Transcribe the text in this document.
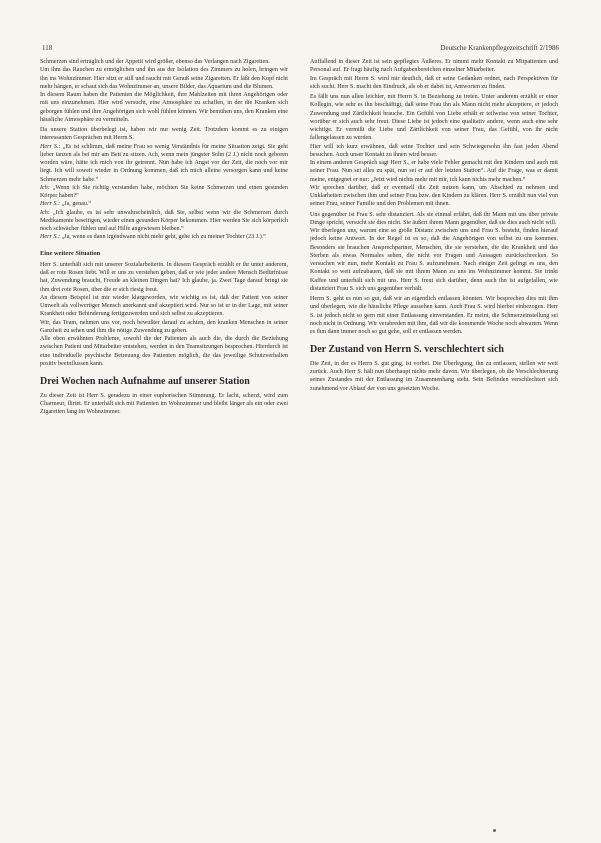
118	Deutsche Krankenpflegezeitschrift 2/1986

Schmerzen sind erträglich und der Appetit wird größer, ebenso das Verlangen nach Zigaretten.

Um ihm das Rauchen zu ermöglichen und ihn aus der Isolation des Zimmers zu holen, bringen wir ihn ins Wohnzimmer. Hier sitzt er still und raucht mit Genuß seine Zigaretten. Er läßt den Kopf nicht mehr hängen, er schaut sich das Wohnzimmer an, unsere Bilder, das Aquarium und die Blumen.

In diesem Raum haben die Patienten die Möglichkeit, ihre Mahlzeiten mit ihren Angehörigen oder mit uns einzunehmen. Hier wird versucht, eine Atmosphäre zu schaffen, in der die Kranken sich geborgen fühlen und ihre Angehörigen sich wohl fühlen können. Wir bemühen uns, den Kranken eine häusliche Atmosphäre zu vermitteln.

Da unsere Station überbelegt ist, haben wir nur wenig Zeit. Trotzdem kommt es zu einigen interessanten Gesprächen mit Herrn S.

Herr S.: „Es ist schlimm, daß meine Frau so wenig Verständnis für meine Situation zeigt. Sie geht lieber tanzen als bei mir am Bett zu sitzen. Ach, wenn mein jüngster Sohn (2 J.) nicht noch geboren worden wäre, hätte ich mich von ihr getrennt. Nun habe ich Angst vor der Zeit, die noch vor mir liegt. Ich will soweit wieder in Ordnung kommen, daß ich mich alleine versorgen kann und keine Schmerzen mehr habe.“

Ich: „Wenn ich Sie richtig verstanden habe, möchten Sie keine Schmerzen und einen gesunden Körper haben?“

Herr S.: „Ja, genau.“

Ich: „Ich glaube, es ist sehr unwahrscheinlich, daß Sie, selbst wenn wir die Schmerzen durch Medikamente beseitigen, wieder einen gesunden Körper bekommen. Hier werden Sie sich körperlich noch schwächer fühlen und auf Hilfe angewiesen bleiben.“

Herr S.: „Ja, wenn es dann irgendwann nicht mehr geht, gehe ich zu meiner Tochter (23 J.).“

Eine weitere Situation

Herr S. unterhält sich mit unserer Sozialarbeiterin. In diesem Gespräch erzählt er ihr unter anderem, daß er rote Rosen liebt. Will er uns zu verstehen geben, daß er wie jeder andere Mensch Bedürfnisse hat, Zuwendung braucht, Freude an kleinen Dingen hat? Ich glaube, ja. Zwei Tage darauf bringt sie ihm drei rote Rosen, über die er sich riesig freut.

An diesem Beispiel ist mir wieder klargeworden, wie wichtig es ist, daß der Patient von seiner Umwelt als vollwertiger Mensch anerkannt und akzeptiert wird. Nur so ist er in der Lage, mit seiner Krankheit oder Behinderung fertigzuwerden und sich selbst zu akzeptieren.

Wir, das Team, nehmen uns vor, noch bewußter darauf zu achten, den kranken Menschen in seiner Ganzheit zu sehen und ihm die nötige Zuwendung zu geben.

Alle oben erwähnten Probleme, sowohl die der Patienten als auch die, die durch die Beziehung zwischen Patient und Mitarbeiter entstehen, werden in den Teamsitzungen besprochen. Hierdurch ist eine individuelle psychische Betreuung des Patienten möglich, die das jeweilige Schutzverhalten positiv beeinflussen kann.

Drei Wochen nach Aufnahme auf unserer Station

Zu dieser Zeit ist Herr S. geradezu in einer euphorischen Stimmung. Er lacht, scherzt, wird zum Charmeur, flirtet. Er unterhält sich mit Patienten im Wohnzimmer und bleibt länger als ein oder zwei Zigaretten lang im Wohnzimmer.

Auffallend in dieser Zeit ist sein gepflegtes Äußeres. Er nimmt mehr Kontakt zu Mitpatienten und Personal auf. Er fragt häufig nach Aufgabenbereichen einzelner Mitarbeiter.

Im Gespräch mit Herrn S. wird mir deutlich, daß er seine Gedanken ordnet, nach Perspektiven für sich sucht. Herr S. macht den Eindruck, als ob er dabei ist, Antworten zu finden.

Es fällt uns nun allen leichter, mit Herrn S. in Beziehung zu treten. Unter anderem erzählt er einer Kollegin, wie sehr es ihn beschäftigt, daß seine Frau ihn als Mann nicht mehr akzeptiere, er jedoch Zuwendung und Zärtlichkeit brauche. Ein Gefühl von Liebe erhält er teilweise von seiner Tochter, worüber er sich auch sehr freut. Diese Liebe ist jedoch eine qualitativ andere, wenn auch eine sehr wichtige. Er vermißt die Liebe und Zärtlichkeit von seiner Frau, das Gefühl, von ihr nicht fallengelassen zu werden.

Hier will ich kurz erwähnen, daß seine Tochter und sein Schwiegersohn ihn fast jeden Abend besuchen. Auch unser Kontakt zu ihnen wird besser.

In einem anderen Gespräch sagt Herr S., er habe viele Fehler gemacht mit den Kindern und auch mit seiner Frau. Nun sei alles zu spät, nun sei er auf der letzten Station“. Auf die Frage, was er damit meine, entgegnet er nur: „Jetzt wird nichts mehr mit mir, ich kann nichts mehr machen.“

Wir sprechen darüber, daß er eventuell die Zeit nutzen kann, um Abschied zu nehmen und Unklarheiten zwischen ihm und seiner Frau bzw. den Kindern zu klären. Herr S. erzählt nun viel von seiner Frau, seiner Familie und den Problemen mit ihnen.

Uns gegenüber ist Frau S. sehr distanziert. Als sie einmal erfährt, daß ihr Mann mit uns über private Dinge spricht, versucht sie dies nicht. Sie äußert ihrem Mann gegenüber, daß sie dies auch nicht will.

Wir überlegen uns, warum eine so große Distanz zwischen uns und Frau S. besteht, finden hierauf jedoch keine Antwort. In der Regel ist es so, daß die Angehörigen von selbst zu uns kommen. Besonders sie brauchen Ansprechpartner, Menschen, die sie verstehen, die die Krankheit und das Sterben als etwas Normales sehen, die nicht vor Fragen und Aussagen zurückschrecken. So versuchen wir nun, mehr Kontakt zu Frau S. aufzunehmen. Nach einiger Zeit gelingt es uns, den Kontakt so weit aufzubauen, daß sie mit ihrem Mann zu uns ins Wohnzimmer kommt. Sie trinkt Kaffee und unterhält sich mit uns. Herr S. freut sich darüber, denn auch ihn ist aufgefallen, wie distanziert Frau S. sich uns gegenüber verhält.

Herrn S. geht es nun so gut, daß wir an eigentlich entlassen könnten. Wir besprechen dies mit ihm und überlegen, wie die häusliche Pflege aussehen kann. Auch Frau S. wird hierbei einbezogen. Herr S. ist jedoch nicht so gern mit einer Entlassung einverstanden. Er meint, die Schmerzeinstellung sei noch nicht in Ordnung. Wir verabreden mit ihm, daß wir die kommende Woche noch abwarten. Wenn es ihm dann immer noch so gut gehe, soll er entlassen werden.

Der Zustand von Herrn S. verschlechtert sich

Die Zeit, in der es Herrn S. gut ging, ist vorbei. Die Überlegung, ihn zu entlassen, stellen wir weit zurück. Auch Herr S. hält nun überhaupt nichts mehr davon. Wir überlegen, ob die Verschlechterung seines Zustandes mit der Entlassung im Zusammenhang steht. Sein Befinden verschlechtert sich zunehmend vor Ablauf der von uns gesetzten Woche.
